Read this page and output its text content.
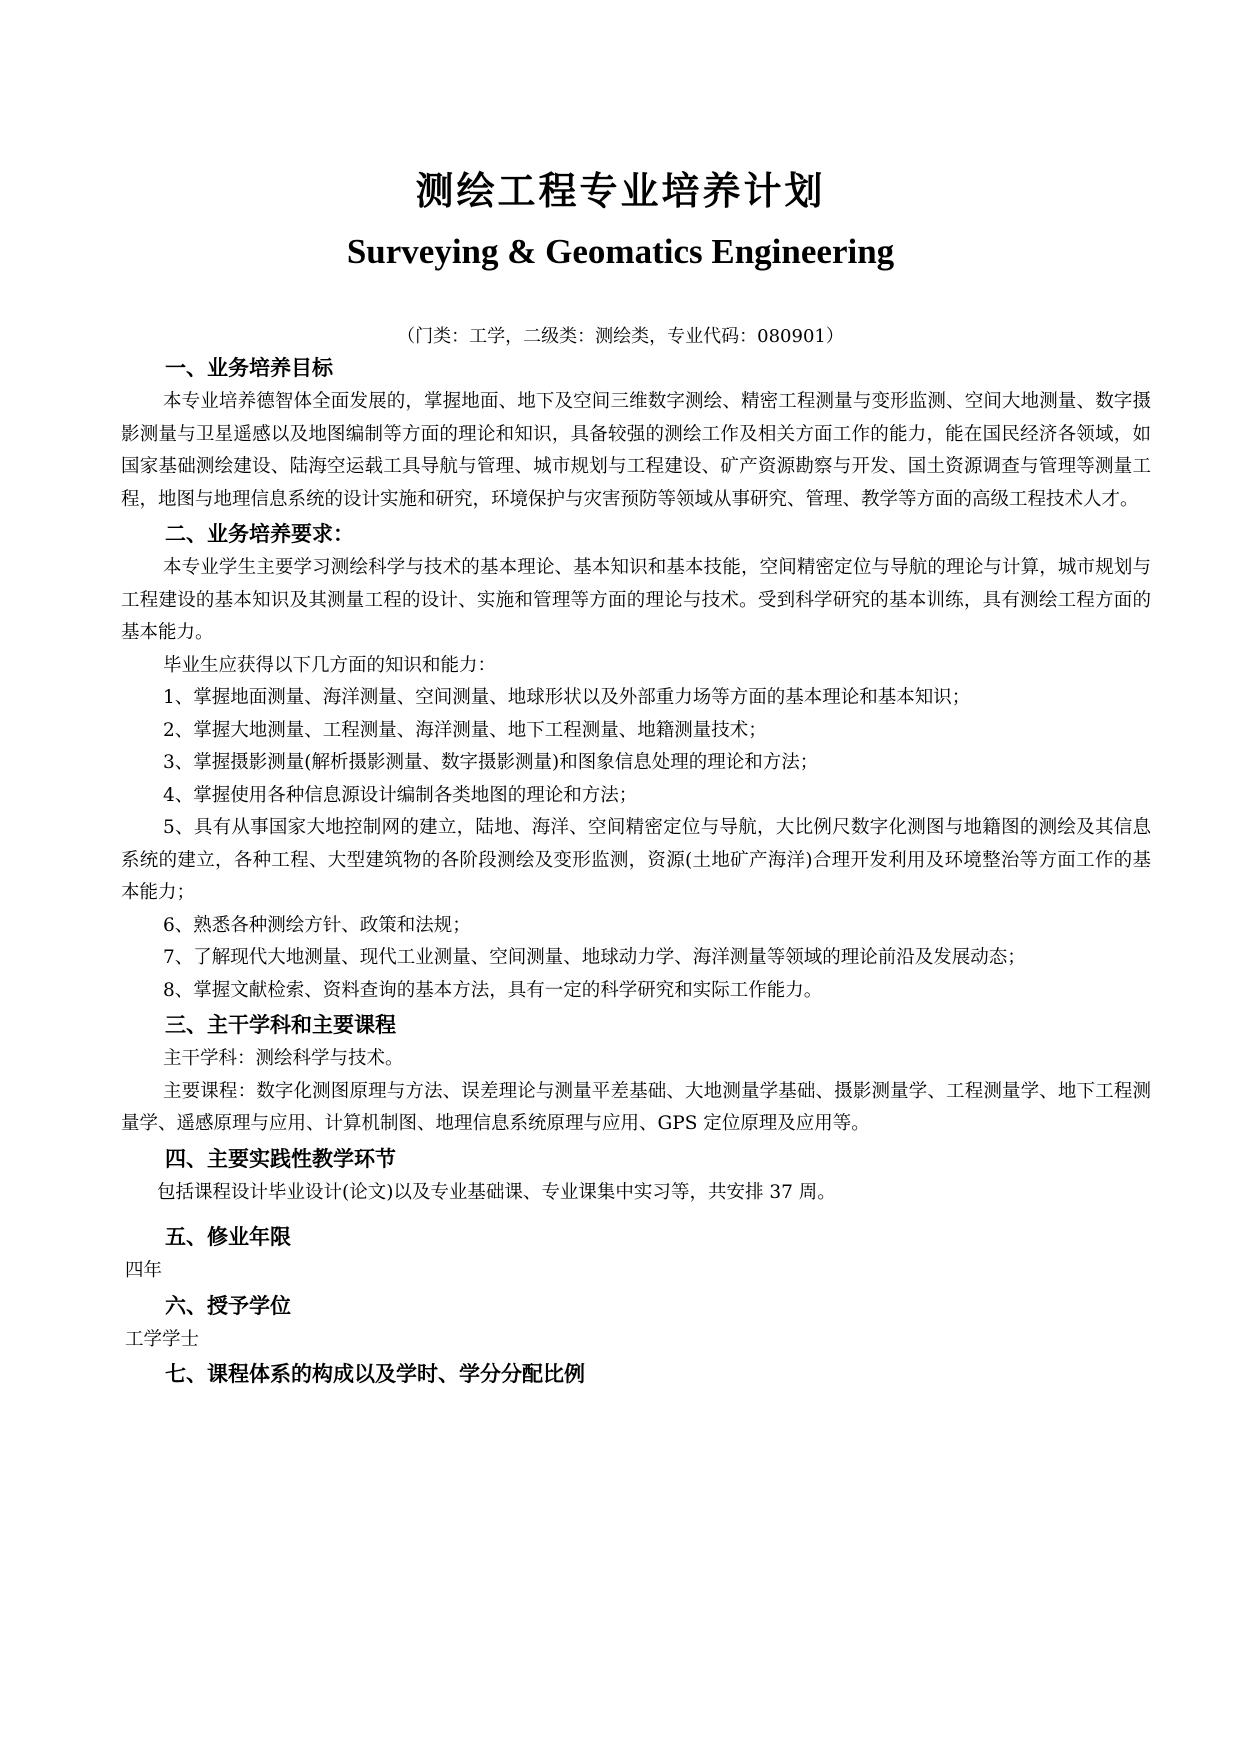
测绘工程专业培养计划
Surveying & Geomatics Engineering
（门类：工学，二级类：测绘类，专业代码：080901）
一、业务培养目标
本专业培养德智体全面发展的，掌握地面、地下及空间三维数字测绘、精密工程测量与变形监测、空间大地测量、数字摄影测量与卫星遥感以及地图编制等方面的理论和知识，具备较强的测绘工作及相关方面工作的能力，能在国民经济各领域，如国家基础测绘建设、陆海空运载工具导航与管理、城市规划与工程建设、矿产资源勘察与开发、国土资源调查与管理等测量工程，地图与地理信息系统的设计实施和研究，环境保护与灾害预防等领域从事研究、管理、教学等方面的高级工程技术人才。
二、业务培养要求：
本专业学生主要学习测绘科学与技术的基本理论、基本知识和基本技能，空间精密定位与导航的理论与计算，城市规划与工程建设的基本知识及其测量工程的设计、实施和管理等方面的理论与技术。受到科学研究的基本训练，具有测绘工程方面的基本能力。
毕业生应获得以下几方面的知识和能力：
1、掌握地面测量、海洋测量、空间测量、地球形状以及外部重力场等方面的基本理论和基本知识；
2、掌握大地测量、工程测量、海洋测量、地下工程测量、地籍测量技术；
3、掌握摄影测量(解析摄影测量、数字摄影测量)和图象信息处理的理论和方法；
4、掌握使用各种信息源设计编制各类地图的理论和方法；
5、具有从事国家大地控制网的建立，陆地、海洋、空间精密定位与导航，大比例尺数字化测图与地籍图的测绘及其信息系统的建立，各种工程、大型建筑物的各阶段测绘及变形监测，资源(土地矿产海洋)合理开发利用及环境整治等方面工作的基本能力；
6、熟悉各种测绘方针、政策和法规；
7、了解现代大地测量、现代工业测量、空间测量、地球动力学、海洋测量等领域的理论前沿及发展动态；
8、掌握文献检索、资料查询的基本方法，具有一定的科学研究和实际工作能力。
三、主干学科和主要课程
主干学科：测绘科学与技术。
主要课程：数字化测图原理与方法、误差理论与测量平差基础、大地测量学基础、摄影测量学、工程测量学、地下工程测量学、遥感原理与应用、计算机制图、地理信息系统原理与应用、GPS 定位原理及应用等。
四、主要实践性教学环节
包括课程设计毕业设计(论文)以及专业基础课、专业课集中实习等，共安排 37 周。
五、修业年限
四年
六、授予学位
工学学士
七、课程体系的构成以及学时、学分分配比例
